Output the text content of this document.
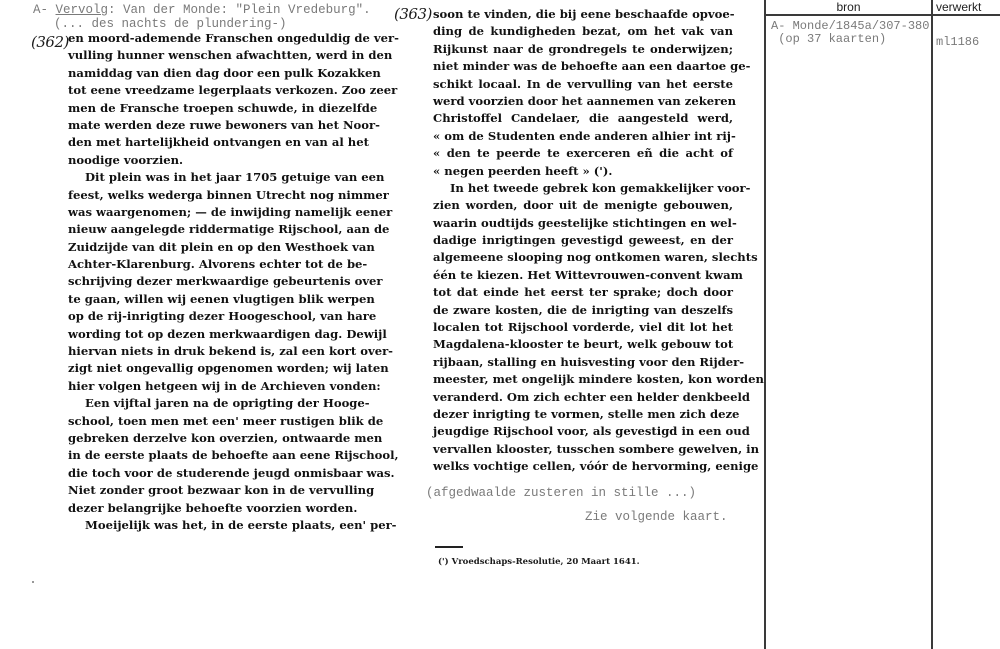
A- Vervolg: Van der Monde: "Plein Vredeburg".
(... des nachts de plundering-)
(362) en moord-ademende Franschen ongeduldig de ver-
vulling hunner wenschen afwachtten, werd in den
namiddag van dien dag door een pulk Kozakken
tot eene vreedzame legerplaats verkozen. Zoo zeer
men de Fransche troepen schuwde, in diezelfde
mate werden deze ruwe bewoners van het Noor-
den met hartelijkheid ontvangen en van al het
noodige voorzien.
Dit plein was in het jaar 1705 getuige van een
feest, welks wederga binnen Utrecht nog nimmer
was waargenomen; — de inwijding namelijk eener
nieuw aangelegde riddermatige Rijschool, aan de
Zuidzijde van dit plein en op den Westhoek van
Achter-Klarenburg. Alvorens echter tot de be-
schrijving dezer merkwaardige gebeurtenis over
te gaan, willen wij eenen vlugtigen blik werpen
op de rij-inrigting dezer Hoogeschool, van hare
wording tot op dezen merkwaardigen dag. Dewijl
hiervan niets in druk bekend is, zal een kort over-
zigt niet ongevallig opgenomen worden; wij laten
hier volgen hetgeen wij in de Archieven vonden:
Een vijftal jaren na de oprigting der Hooge-
school, toen men met een' meer rustigen blik de
gebreken derzelve kon overzien, ontwaarde men
in de eerste plaats de behoefte aan eene Rijschool,
die toch voor de studerende jeugd onmisbaar was.
Niet zonder groot bezwaar kon in de vervulling
dezer belangrijke behoefte voorzien worden.
Moeijelijk was het, in de eerste plaats, een' per-
(363) soon te vinden, die bij eene beschaafde opvoe-
ding de kundigheden bezat, om het vak van
Rijkunst naar de grondregels te onderwijzen;
niet minder was de behoefte aan een daartoe ge-
schikt locaal. In de vervulling van het eerste
werd voorzien door het aannemen van zekeren
Christoffel Candelaer, die aangesteld werd,
« om de Studenten ende anderen alhier int rij-
« den te peerde te exerceren eñ die acht of
« negen peerden heeft » (').
In het tweede gebrek kon gemakkelijker voor-
zien worden, door uit de menigte gebouwen,
waarin oudtijds geestelijke stichtingen en wel-
dadige inrigtingen gevestigd geweest, en der
algemeene slooping nog ontkomen waren, slechts
één te kiezen. Het Wittevrouwen-convent kwam
tot dat einde het eerst ter sprake; doch door
de zware kosten, die de inrigting van deszelfs
localen tot Rijschool vorderde, viel dit lot het
Magdalena-klooster te beurt, welk gebouw tot
rijbaan, stalling en huisvesting voor den Rijder-
meester, met ongelijk mindere kosten, kon worden
veranderd. Om zich echter een helder denkbeeld
dezer inrigting te vormen, stelle men zich deze
jeugdige Rijschool voor, als gevestigd in een oud
vervallen klooster, tusschen sombere gewelven, in
welks vochtige cellen, vóór de hervorming, eenige
(afgedwaalde zusteren in stille ...)
Zie volgende kaart.
(') Vroedschaps-Resolutie, 20 Maart 1641.
bron	verwerkt
A- Monde/1845a/307-380
(op 37 kaarten)	ml1186
